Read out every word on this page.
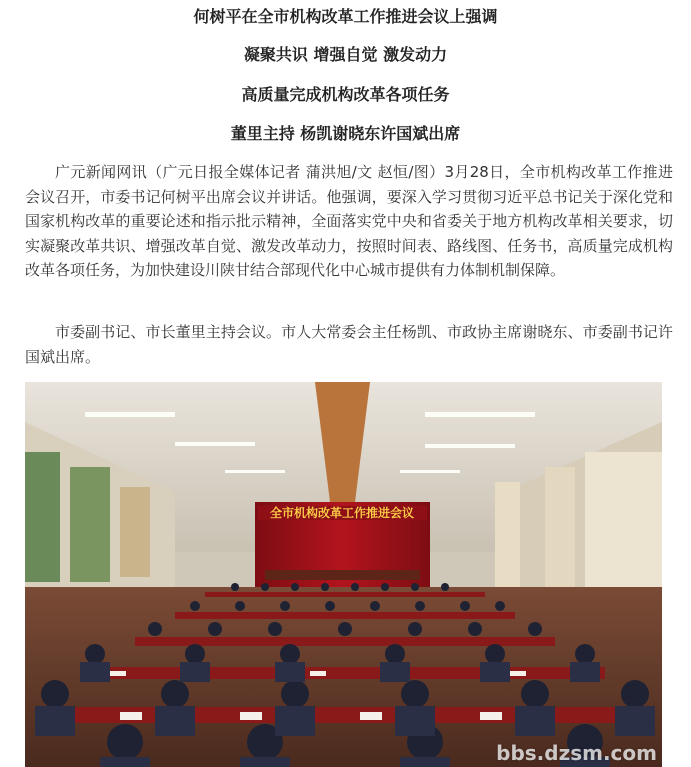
何树平在全市机构改革工作推进会议上强调
凝聚共识 增强自觉 激发动力
高质量完成机构改革各项任务
董里主持 杨凯谢晓东许国斌出席

广元新闻网讯（广元日报全媒体记者 蒲洪旭/文 赵恒/图）3月28日，全市机构改革工作推进会议召开，市委书记何树平出席会议并讲话。他强调，要深入学习贯彻习近平总书记关于深化党和国家机构改革的重要论述和指示批示精神，全面落实党中央和省委关于地方机构改革相关要求，切实凝聚改革共识、增强改革自觉、激发改革动力，按照时间表、路线图、任务书，高质量完成机构改革各项任务，为加快建设川陕甘结合部现代化中心城市提供有力体制机制保障。

市委副书记、市长董里主持会议。市人大常委会主任杨凯、市政协主席谢晓东、市委副书记许国斌出席。

全市机构改革工作推进会议
bbs.dzsm.com
